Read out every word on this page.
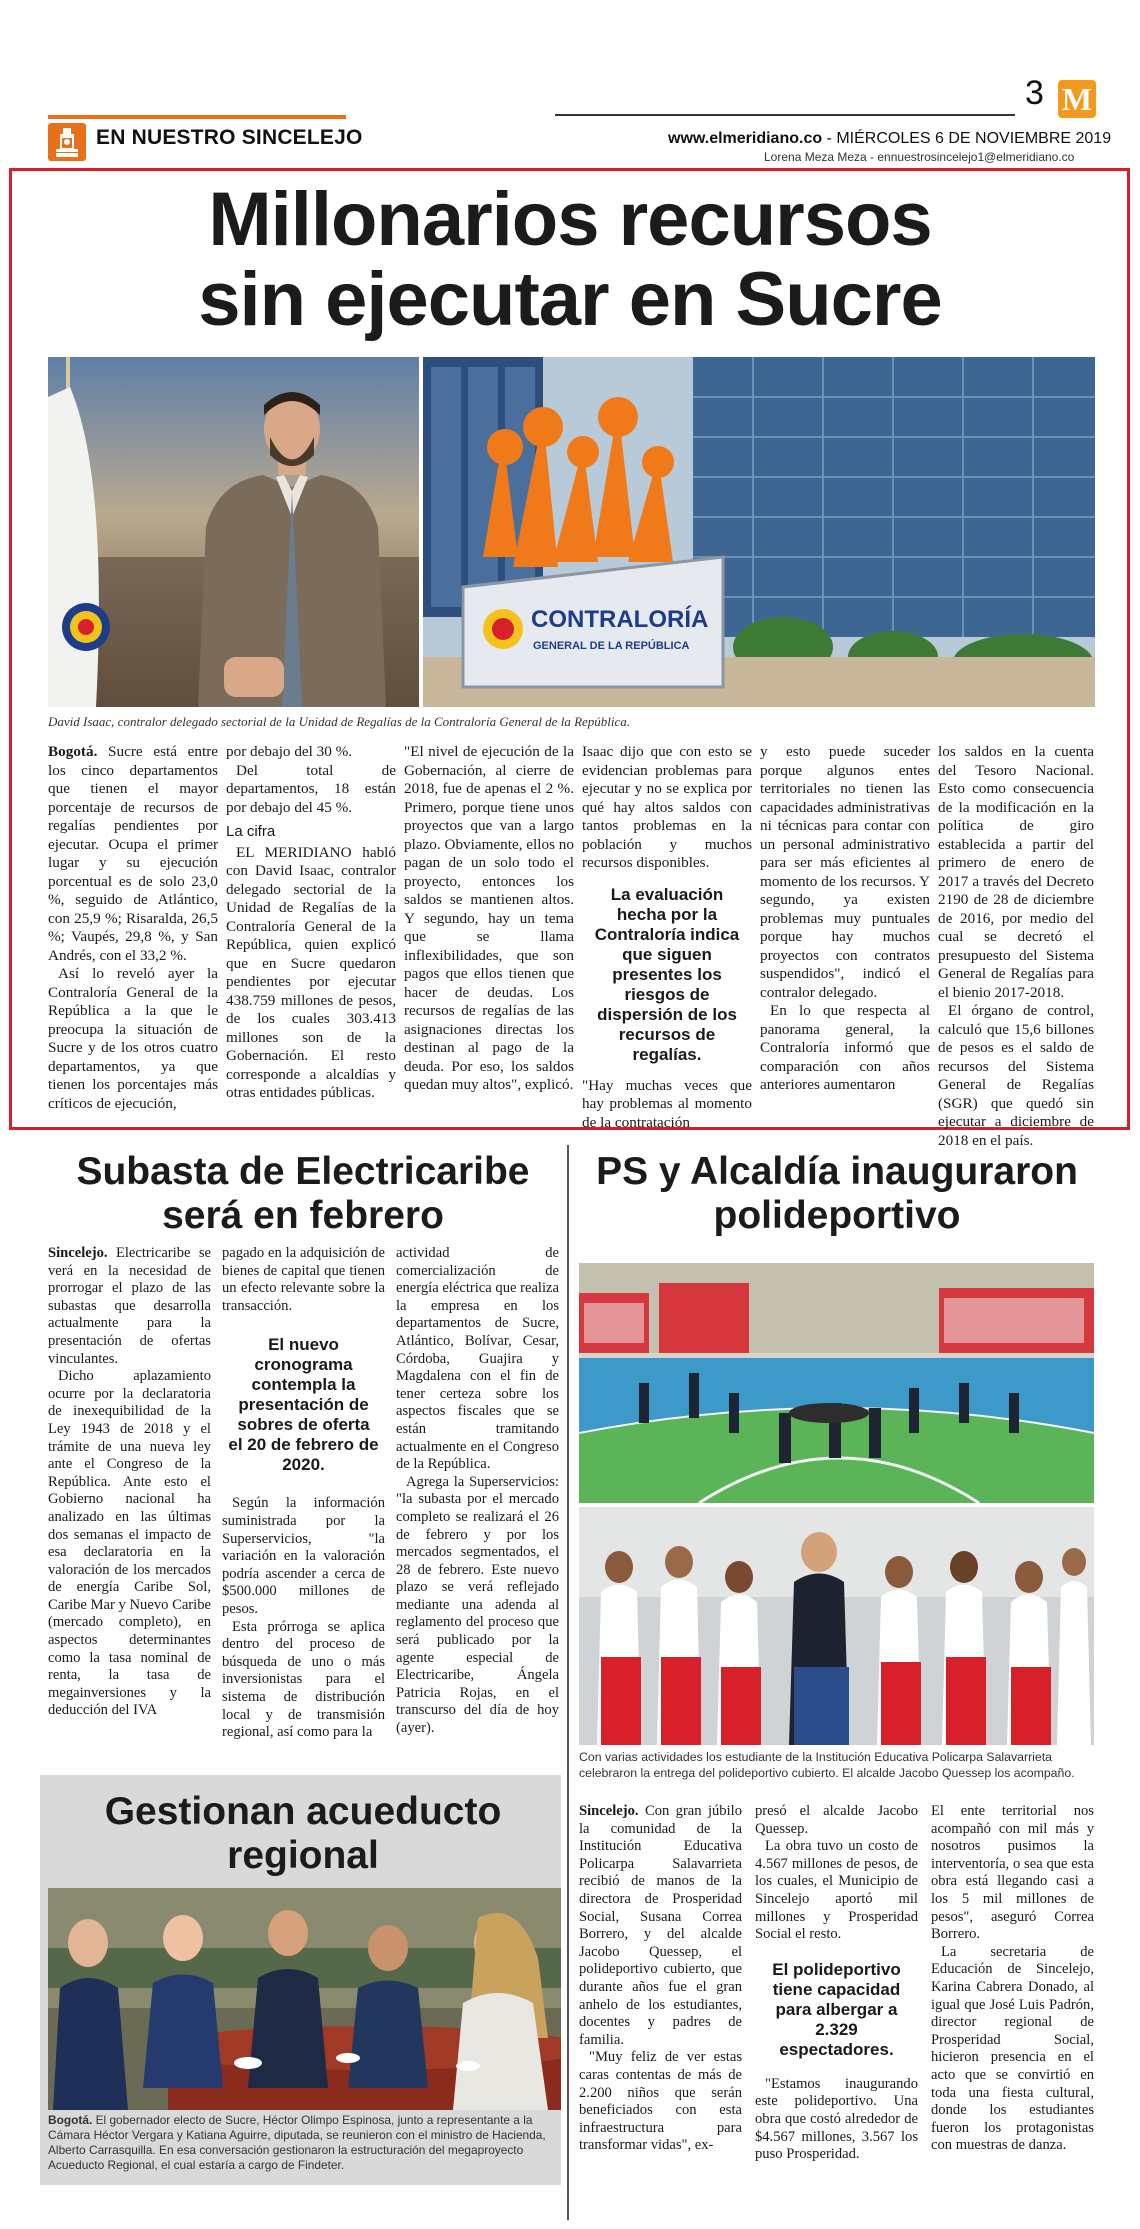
3 M
EN NUESTRO SINCELEJO	www.elmeridiano.co - MIÉRCOLES 6 DE NOVIEMBRE 2019
Lorena Meza Meza - ennuestrosincelejo1@elmeridiano.co
Millonarios recursos
sin ejecutar en Sucre
CONTRALORÍA
GENERAL DE LA REPÚBLICA
David Isaac, contralor delegado sectorial de la Unidad de Regalías de la Contraloría General de la República.

Bogotá. Sucre está entre los cinco departamentos que tienen el mayor porcentaje de recursos de regalías pendientes por ejecutar. Ocupa el primer lugar y su ejecución porcentual es de solo 23,0 %, seguido de Atlántico, con 25,9 %; Risaralda, 26,5 %; Vaupés, 29,8 %, y San Andrés, con el 33,2 %.

Así lo reveló ayer la Contraloría General de la República a la que le preocupa la situación de Sucre y de los otros cuatro departamentos, ya que tienen los porcentajes más críticos de ejecución,

por debajo del 30 %.

Del total de departamentos, 18 están por debajo del 45 %.

La cifra

EL MERIDIANO habló con David Isaac, contralor delegado sectorial de la Unidad de Regalías de la Contraloría General de la República, quien explicó que en Sucre quedaron pendientes por ejecutar 438.759 millones de pesos, de los cuales 303.413 millones son de la Gobernación. El resto corresponde a alcaldías y otras entidades públicas.

"El nivel de ejecución de la Gobernación, al cierre de 2018, fue de apenas el 2 %. Primero, porque tiene unos proyectos que van a largo plazo. Obviamente, ellos no pagan de un solo todo el proyecto, entonces los saldos se mantienen altos. Y segundo, hay un tema que se llama inflexibilidades, que son pagos que ellos tienen que hacer de deudas. Los recursos de regalías de las asignaciones directas los destinan al pago de la deuda. Por eso, los saldos quedan muy altos", explicó.

Isaac dijo que con esto se evidencian problemas para ejecutar y no se explica por qué hay altos saldos con tantos problemas en la población y muchos recursos disponibles.

La evaluación hecha por la Contraloría indica que siguen presentes los riesgos de dispersión de los recursos de regalías.

"Hay muchas veces que hay problemas al momento de la contratación

y esto puede suceder porque algunos entes territoriales no tienen las capacidades administrativas ni técnicas para contar con un personal administrativo para ser más eficientes al momento de los recursos. Y segundo, ya existen problemas muy puntuales porque hay muchos proyectos con contratos suspendidos", indicó el contralor delegado.

En lo que respecta al panorama general, la Contraloría informó que comparación con años anteriores aumentaron

los saldos en la cuenta del Tesoro Nacional. Esto como consecuencia de la modificación en la política de giro establecida a partir del primero de enero de 2017 a través del Decreto 2190 de 28 de diciembre de 2016, por medio del cual se decretó el presupuesto del Sistema General de Regalías para el bienio 2017-2018.

El órgano de control, calculó que 15,6 billones de pesos es el saldo de recursos del Sistema General de Regalías (SGR) que quedó sin ejecutar a diciembre de 2018 en el país.

Subasta de Electricaribe
será en febrero

Sincelejo. Electricaribe se verá en la necesidad de prorrogar el plazo de las subastas que desarrolla actualmente para la presentación de ofertas vinculantes.

Dicho aplazamiento ocurre por la declaratoria de inexequibilidad de la Ley 1943 de 2018 y el trámite de una nueva ley ante el Congreso de la República. Ante esto el Gobierno nacional ha analizado en las últimas dos semanas el impacto de esa declaratoria en la valoración de los mercados de energía Caribe Sol, Caribe Mar y Nuevo Caribe (mercado completo), en aspectos determinantes como la tasa nominal de renta, la tasa de megainversiones y la deducción del IVA

pagado en la adquisición de bienes de capital que tienen un efecto relevante sobre la transacción.

El nuevo cronograma contempla la presentación de sobres de oferta el 20 de febrero de 2020.

Según la información suministrada por la Superservicios, "la variación en la valoración podría ascender a cerca de $500.000 millones de pesos.

Esta prórroga se aplica dentro del proceso de búsqueda de uno o más inversionistas para el sistema de distribución local y de transmisión regional, así como para la

actividad de comercialización de energía eléctrica que realiza la empresa en los departamentos de Sucre, Atlántico, Bolívar, Cesar, Córdoba, Guajira y Magdalena con el fin de tener certeza sobre los aspectos fiscales que se están tramitando actualmente en el Congreso de la República.

Agrega la Superservicios: "la subasta por el mercado completo se realizará el 26 de febrero y por los mercados segmentados, el 28 de febrero. Este nuevo plazo se verá reflejado mediante una adenda al reglamento del proceso que será publicado por la agente especial de Electricaribe, Ángela Patricia Rojas, en el transcurso del día de hoy (ayer).

Gestionan acueducto
regional
Bogotá. El gobernador electo de Sucre, Héctor Olimpo Espinosa, junto a representante a la Cámara Héctor Vergara y Katiana Aguirre, diputada, se reunieron con el ministro de Hacienda, Alberto Carrasquilla. En esa conversación gestionaron la estructuración del megaproyecto Acueducto Regional, el cual estaría a cargo de Findeter.
PS y Alcaldía inauguraron
polideportivo
Con varias actividades los estudiante de la Institución Educativa Policarpa Salavarrieta celebraron la entrega del polideportivo cubierto. El alcalde Jacobo Quessep los acompaño.

Sincelejo. Con gran júbilo la comunidad de la Institución Educativa Policarpa Salavarrieta recibió de manos de la directora de Prosperidad Social, Susana Correa Borrero, y del alcalde Jacobo Quessep, el polideportivo cubierto, que durante años fue el gran anhelo de los estudiantes, docentes y padres de familia.

"Muy feliz de ver estas caras contentas de más de 2.200 niños que serán beneficiados con esta infraestructura para transformar vidas", ex-

presó el alcalde Jacobo Quessep.

La obra tuvo un costo de 4.567 millones de pesos, de los cuales, el Municipio de Sincelejo aportó mil millones y Prosperidad Social el resto.

El polideportivo tiene capacidad para albergar a 2.329 espectadores.

"Estamos inaugurando este polideportivo. Una obra que costó alrededor de $4.567 millones, 3.567 los puso Prosperidad.

El ente territorial nos acompañó con mil más y nosotros pusimos la interventoría, o sea que esta obra está llegando casi a los 5 mil millones de pesos", aseguró Correa Borrero.

La secretaria de Educación de Sincelejo, Karina Cabrera Donado, al igual que José Luis Padrón, director regional de Prosperidad Social, hicieron presencia en el acto que se convirtió en toda una fiesta cultural, donde los estudiantes fueron los protagonistas con muestras de danza.
